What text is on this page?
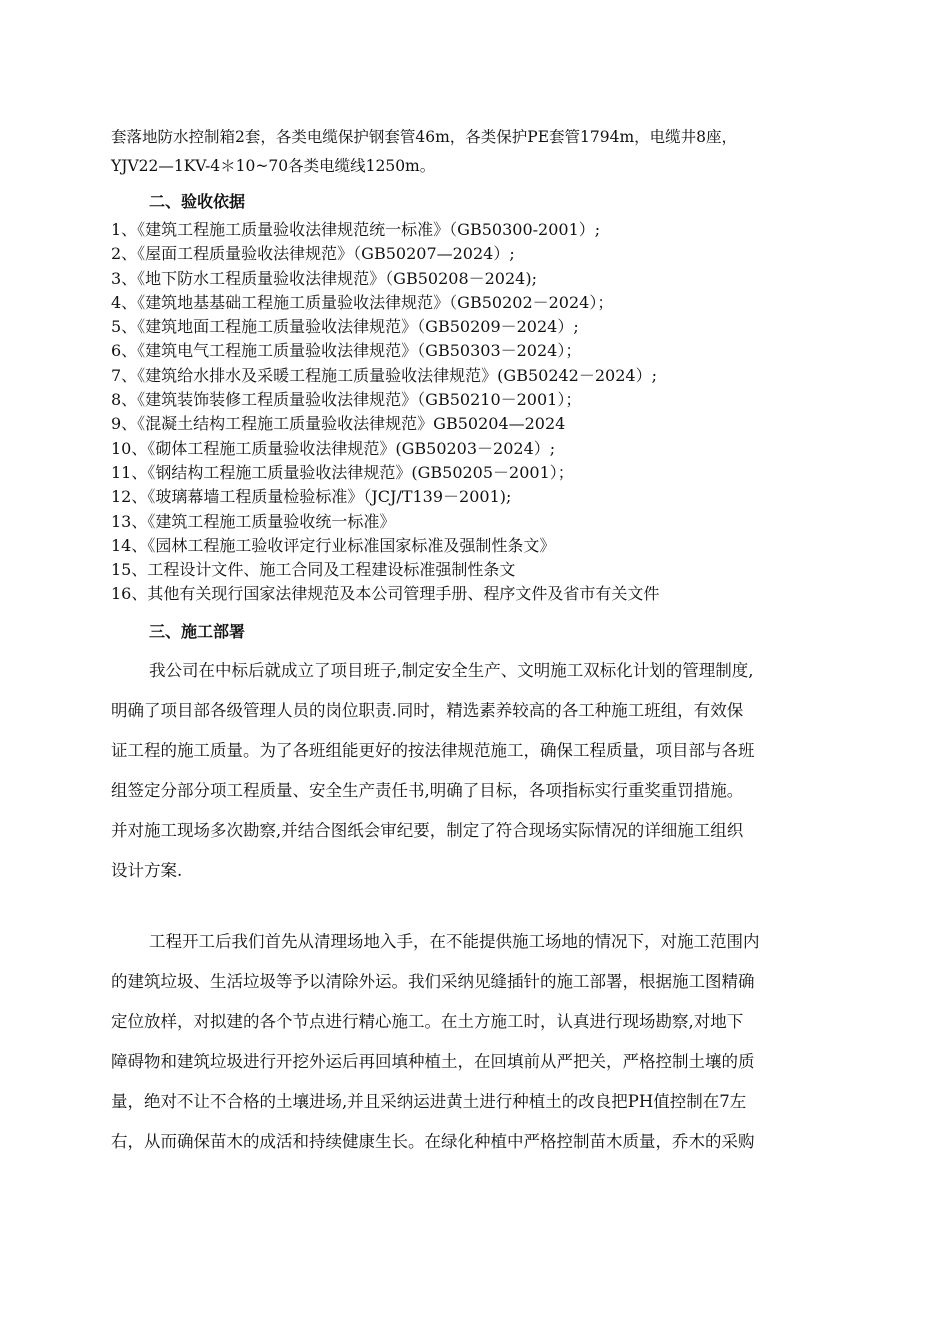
套落地防水控制箱2套，各类电缆保护钢套管46m，各类保护PE套管1794m，电缆井8座，
YJV22—1KV-4＊10~70各类电缆线1250m。
二、验收依据
1、《建筑工程施工质量验收法律规范统一标准》（GB50300-2001）;
2、《屋面工程质量验收法律规范》（GB50207—2024）;
3、《地下防水工程质量验收法律规范》（GB50208－2024);
4、《建筑地基基础工程施工质量验收法律规范》（GB50202－2024）；
5、《建筑地面工程施工质量验收法律规范》（GB50209－2024）;
6、《建筑电气工程施工质量验收法律规范》（GB50303－2024）；
7、《建筑给水排水及采暖工程施工质量验收法律规范》(GB50242－2024）;
8、《建筑装饰装修工程质量验收法律规范》（GB50210－2001）；
9、《混凝土结构工程施工质量验收法律规范》GB50204—2024
10、《砌体工程施工质量验收法律规范》(GB50203－2024）;
11、《钢结构工程施工质量验收法律规范》(GB50205－2001）；
12、《玻璃幕墙工程质量检验标准》（JCJ/T139－2001);
13、《建筑工程施工质量验收统一标准》
14、《园林工程施工验收评定行业标准国家标准及强制性条文》
15、工程设计文件、施工合同及工程建设标准强制性条文
16、其他有关现行国家法律规范及本公司管理手册、程序文件及省市有关文件
三、施工部署
我公司在中标后就成立了项目班子,制定安全生产、文明施工双标化计划的管理制度,
明确了项目部各级管理人员的岗位职责.同时，精选素养较高的各工种施工班组，有效保
证工程的施工质量。为了各班组能更好的按法律规范施工，确保工程质量，项目部与各班
组签定分部分项工程质量、安全生产责任书,明确了目标，各项指标实行重奖重罚措施。
并对施工现场多次勘察,并结合图纸会审纪要，制定了符合现场实际情况的详细施工组织
设计方案.
工程开工后我们首先从清理场地入手，在不能提供施工场地的情况下，对施工范围内
的建筑垃圾、生活垃圾等予以清除外运。我们采纳见缝插针的施工部署，根据施工图精确
定位放样，对拟建的各个节点进行精心施工。在土方施工时，认真进行现场勘察,对地下
障碍物和建筑垃圾进行开挖外运后再回填种植土，在回填前从严把关，严格控制土壤的质
量，绝对不让不合格的土壤进场,并且采纳运进黄土进行种植土的改良把PH值控制在7左
右，从而确保苗木的成活和持续健康生长。在绿化种植中严格控制苗木质量，乔木的采购
